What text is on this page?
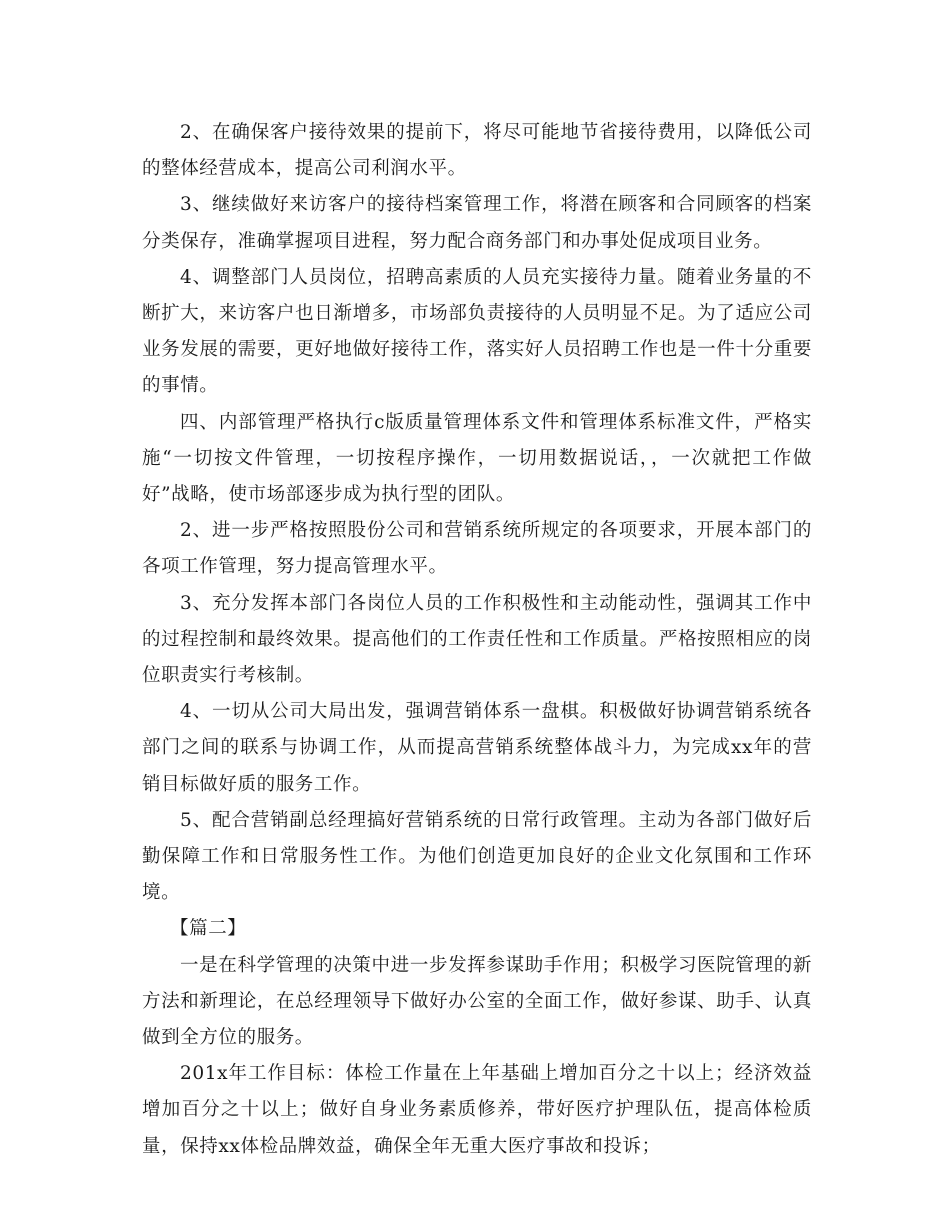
2、在确保客户接待效果的提前下，将尽可能地节省接待费用，以降低公司的整体经营成本，提高公司利润水平。

3、继续做好来访客户的接待档案管理工作，将潜在顾客和合同顾客的档案分类保存，准确掌握项目进程，努力配合商务部门和办事处促成项目业务。

4、调整部门人员岗位，招聘高素质的人员充实接待力量。随着业务量的不断扩大，来访客户也日渐增多，市场部负责接待的人员明显不足。为了适应公司业务发展的需要，更好地做好接待工作，落实好人员招聘工作也是一件十分重要的事情。

四、内部管理严格执行c版质量管理体系文件和管理体系标准文件，严格实施“一切按文件管理，一切按程序操作，一切用数据说话，，一次就把工作做好”战略，使市场部逐步成为执行型的团队。

2、进一步严格按照股份公司和营销系统所规定的各项要求，开展本部门的各项工作管理，努力提高管理水平。

3、充分发挥本部门各岗位人员的工作积极性和主动能动性，强调其工作中的过程控制和最终效果。提高他们的工作责任性和工作质量。严格按照相应的岗位职责实行考核制。

4、一切从公司大局出发，强调营销体系一盘棋。积极做好协调营销系统各部门之间的联系与协调工作，从而提高营销系统整体战斗力，为完成xx年的营销目标做好质的服务工作。

5、配合营销副总经理搞好营销系统的日常行政管理。主动为各部门做好后勤保障工作和日常服务性工作。为他们创造更加良好的企业文化氛围和工作环境。

【篇二】

一是在科学管理的决策中进一步发挥参谋助手作用；积极学习医院管理的新方法和新理论，在总经理领导下做好办公室的全面工作，做好参谋、助手、认真做到全方位的服务。

201x年工作目标：体检工作量在上年基础上增加百分之十以上；经济效益增加百分之十以上；做好自身业务素质修养，带好医疗护理队伍，提高体检质量，保持xx体检品牌效益，确保全年无重大医疗事故和投诉；
